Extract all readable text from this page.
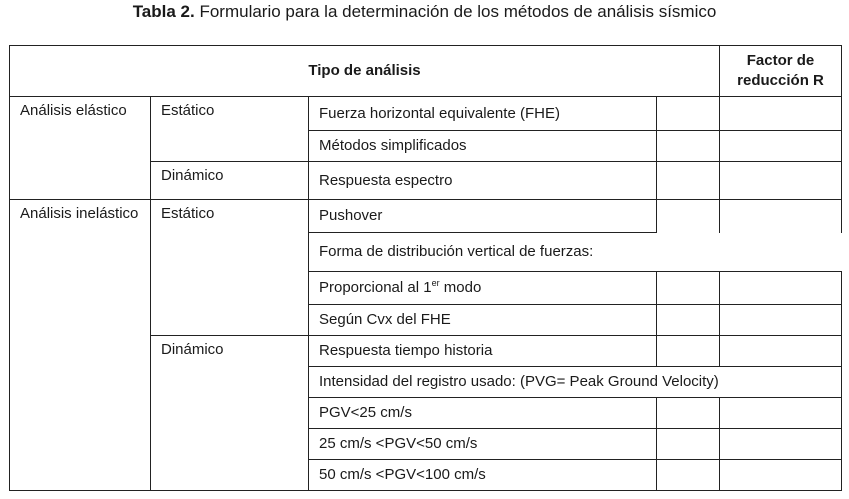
Tabla 2. Formulario para la determinación de los métodos de análisis sísmico
Tipo de análisis				Factor de reducción R
Análisis elástico	Estático	Fuerza horizontal equivalente (FHE)		
		Métodos simplificados		
	Dinámico	Respuesta espectro		
Análisis inelástico	Estático	Pushover		
		Forma de distribución vertical de fuerzas:		
		Proporcional al 1er modo		
		Según Cvx del FHE		
	Dinámico	Respuesta tiempo historia		
		Intensidad del registro usado: (PVG= Peak Ground Velocity)		
		PGV<25 cm/s		
		25 cm/s <PGV<50 cm/s		
		50 cm/s <PGV<100 cm/s		
